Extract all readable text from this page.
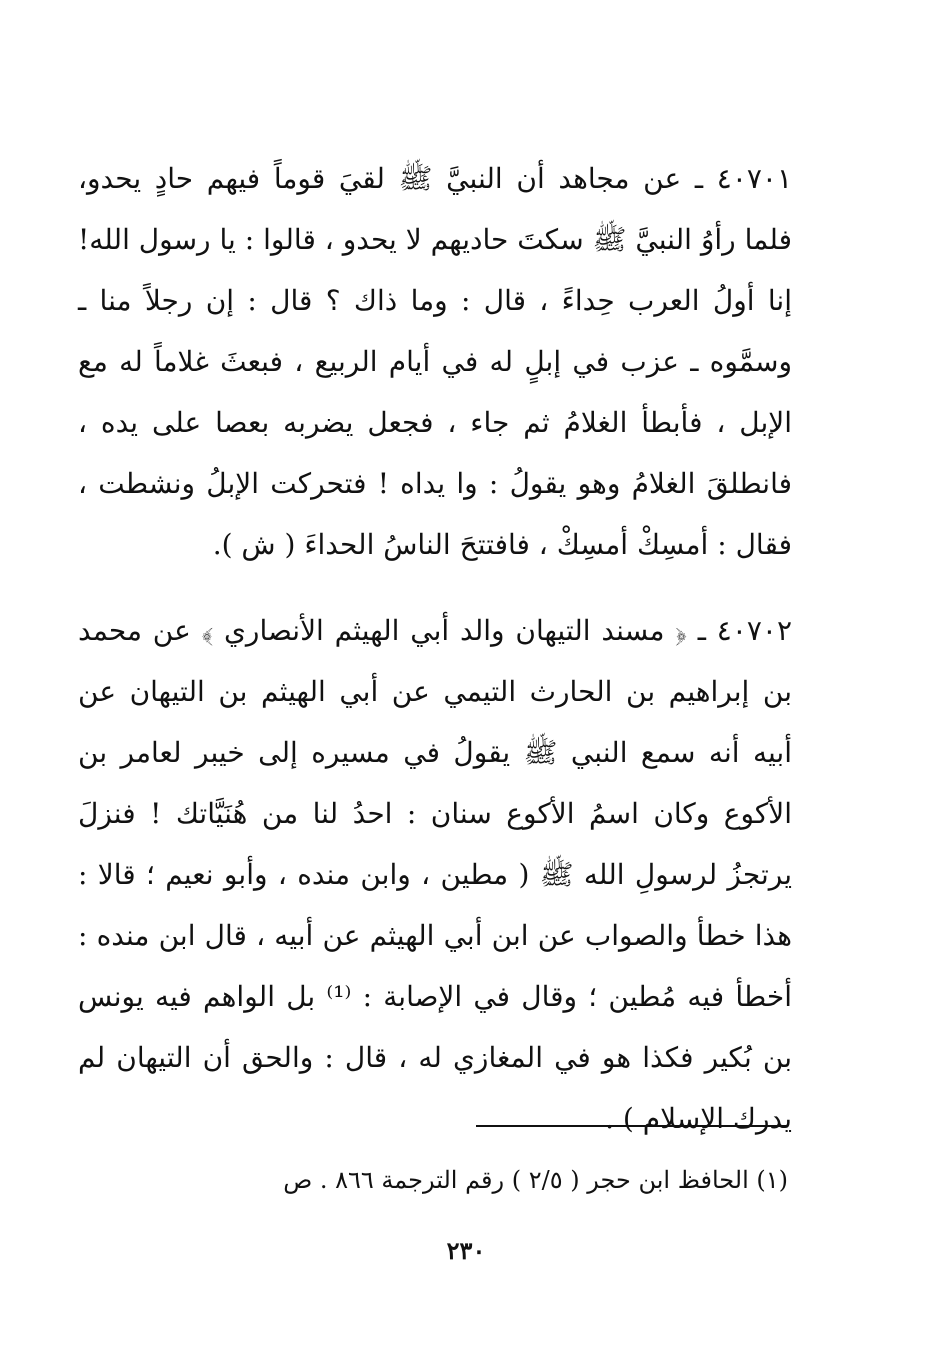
٤٠٧٠١ ـ عن مجاهد أن النبيَّ ﷺ لقيَ قوماً فيهم حادٍ يحدو، فلما رأوُ النبيَّ ﷺ سكتَ حاديهم لا يحدو ، قالوا : يا رسول الله! إنا أولُ العرب حِداءً ، قال : وما ذاك ؟ قال : إن رجلاً منا ـ وسمَّوه ـ عزب في إبلٍ له في أيام الربيع ، فبعثَ غلاماً له مع الإبل ، فأبطأ الغلامُ ثم جاء ، فجعل يضربه بعصا على يده ، فانطلقَ الغلامُ وهو يقولُ : وا يداه ! فتحركت الإبلُ ونشطت ، فقال : أمسِكْ أمسِكْ ، فافتتحَ الناسُ الحداءَ ( ش ).

٤٠٧٠٢ ـ ﴿ مسند التيهان والد أبي الهيثم الأنصاري ﴾ عن محمد بن إبراهيم بن الحارث التيمي عن أبي الهيثم بن التيهان عن أبيه أنه سمع النبي ﷺ يقولُ في مسيره إلى خيبر لعامر بن الأكوع وكان اسمُ الأكوع سنان : احدُ لنا من هُنَيَّاتك ! فنزلَ يرتجزُ لرسولِ الله ﷺ ( مطين ، وابن منده ، وأبو نعيم ؛ قالا : هذا خطأ والصواب عن ابن أبي الهيثم عن أبيه ، قال ابن منده : أخطأ فيه مُطين ؛ وقال في الإصابة : ⁽¹⁾ بل الواهم فيه يونس بن بُكير فكذا هو في المغازي له ، قال : والحق أن التيهان لم يدرك الإسلام ) .

(١) الحافظ ابن حجر ( ٢/٥ ) رقم الترجمة ٨٦٦ . ص
٢٣٠
